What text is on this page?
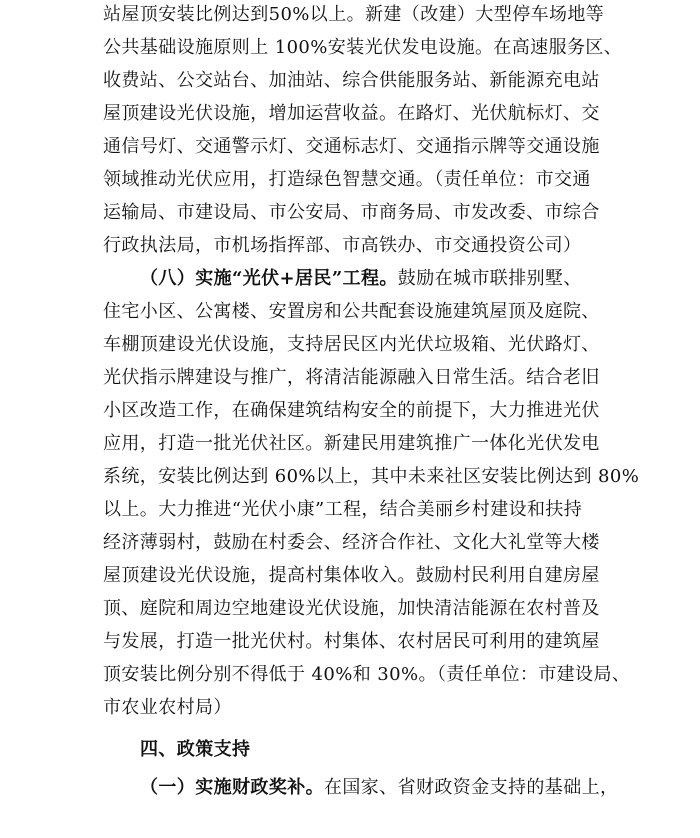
站屋顶安装比例达到50%以上。新建（改建）大型停车场地等
公共基础设施原则上 100%安装光伏发电设施。在高速服务区、
收费站、公交站台、加油站、综合供能服务站、新能源充电站
屋顶建设光伏设施，增加运营收益。在路灯、光伏航标灯、交
通信号灯、交通警示灯、交通标志灯、交通指示牌等交通设施
领域推动光伏应用，打造绿色智慧交通。（责任单位：市交通
运输局、市建设局、市公安局、市商务局、市发改委、市综合
行政执法局，市机场指挥部、市高铁办、市交通投资公司）
（八）实施“光伏+居民”工程。鼓励在城市联排别墅、
住宅小区、公寓楼、安置房和公共配套设施建筑屋顶及庭院、
车棚顶建设光伏设施，支持居民区内光伏垃圾箱、光伏路灯、
光伏指示牌建设与推广，将清洁能源融入日常生活。结合老旧
小区改造工作，在确保建筑结构安全的前提下，大力推进光伏
应用，打造一批光伏社区。新建民用建筑推广一体化光伏发电
系统，安装比例达到 60%以上，其中未来社区安装比例达到 80%
以上。大力推进“光伏小康”工程，结合美丽乡村建设和扶持
经济薄弱村，鼓励在村委会、经济合作社、文化大礼堂等大楼
屋顶建设光伏设施，提高村集体收入。鼓励村民利用自建房屋
顶、庭院和周边空地建设光伏设施，加快清洁能源在农村普及
与发展，打造一批光伏村。村集体、农村居民可利用的建筑屋
顶安装比例分别不得低于 40%和 30%。（责任单位：市建设局、
市农业农村局）
四、政策支持
（一）实施财政奖补。在国家、省财政资金支持的基础上，
